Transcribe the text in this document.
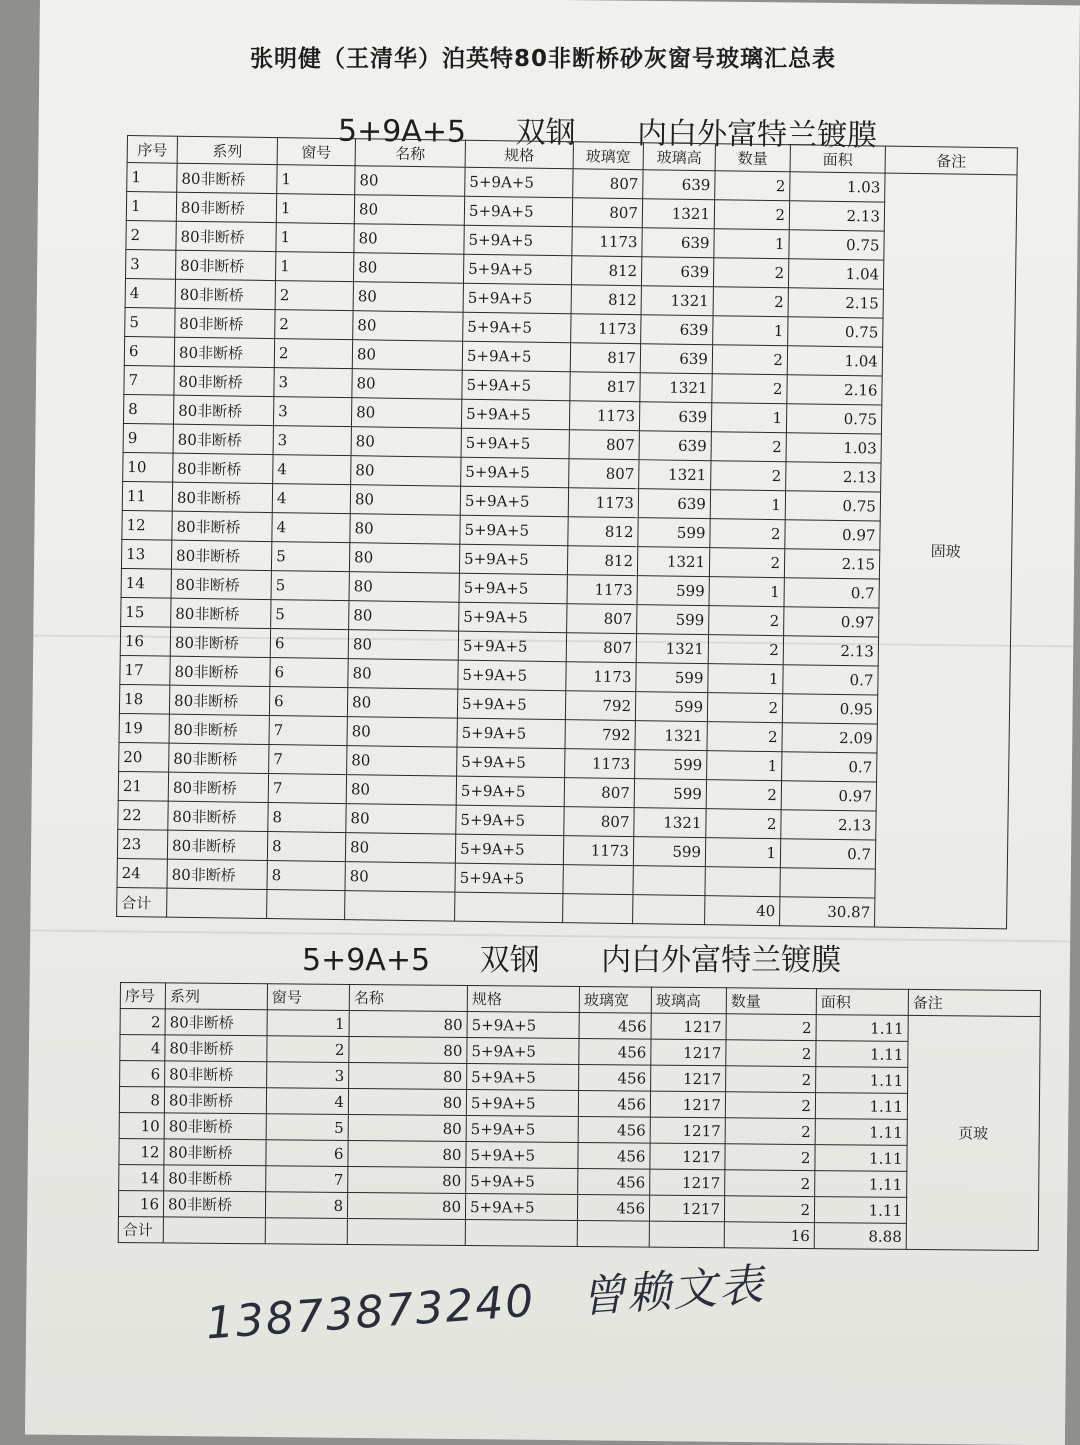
张明健（王清华）泊英特80非断桥砂灰窗号玻璃汇总表
5+9A+5 双钢 内白外富特兰镀膜
序号	系列	窗号	名称	规格	玻璃宽	玻璃高	数量	面积	备注
1	80非断桥	1	80	5+9A+5	807	639	2	1.03	固玻
1	80非断桥	1	80	5+9A+5	807	1321	2	2.13	
2	80非断桥	1	80	5+9A+5	1173	639	1	0.75	
3	80非断桥	1	80	5+9A+5	812	639	2	1.04	
4	80非断桥	2	80	5+9A+5	812	1321	2	2.15	
5	80非断桥	2	80	5+9A+5	1173	639	1	0.75	
6	80非断桥	2	80	5+9A+5	817	639	2	1.04	
7	80非断桥	3	80	5+9A+5	817	1321	2	2.16	
8	80非断桥	3	80	5+9A+5	1173	639	1	0.75	
9	80非断桥	3	80	5+9A+5	807	639	2	1.03	
10	80非断桥	4	80	5+9A+5	807	1321	2	2.13	
11	80非断桥	4	80	5+9A+5	1173	639	1	0.75	
12	80非断桥	4	80	5+9A+5	812	599	2	0.97	
13	80非断桥	5	80	5+9A+5	812	1321	2	2.15	
14	80非断桥	5	80	5+9A+5	1173	599	1	0.7	
15	80非断桥	5	80	5+9A+5	807	599	2	0.97	
16	80非断桥	6	80	5+9A+5	807	1321	2	2.13	
17	80非断桥	6	80	5+9A+5	1173	599	1	0.7	
18	80非断桥	6	80	5+9A+5	792	599	2	0.95	
19	80非断桥	7	80	5+9A+5	792	1321	2	2.09	
20	80非断桥	7	80	5+9A+5	1173	599	1	0.7	
21	80非断桥	7	80	5+9A+5	807	599	2	0.97	
22	80非断桥	8	80	5+9A+5	807	1321	2	2.13	
23	80非断桥	8	80	5+9A+5	1173	599	1	0.7	
24	80非断桥	8	80	5+9A+5					
合计							40	30.87	
5+9A+5 双钢 内白外富特兰镀膜
序号	系列	窗号	名称	规格	玻璃宽	玻璃高	数量	面积	备注
2	80非断桥	1	80	5+9A+5	456	1217	2	1.11	页玻
4	80非断桥	2	80	5+9A+5	456	1217	2	1.11	
6	80非断桥	3	80	5+9A+5	456	1217	2	1.11	
8	80非断桥	4	80	5+9A+5	456	1217	2	1.11	
10	80非断桥	5	80	5+9A+5	456	1217	2	1.11	
12	80非断桥	6	80	5+9A+5	456	1217	2	1.11	
14	80非断桥	7	80	5+9A+5	456	1217	2	1.11	
16	80非断桥	8	80	5+9A+5	456	1217	2	1.11	
合计							16	8.88	
13873873240 曾赖文表
